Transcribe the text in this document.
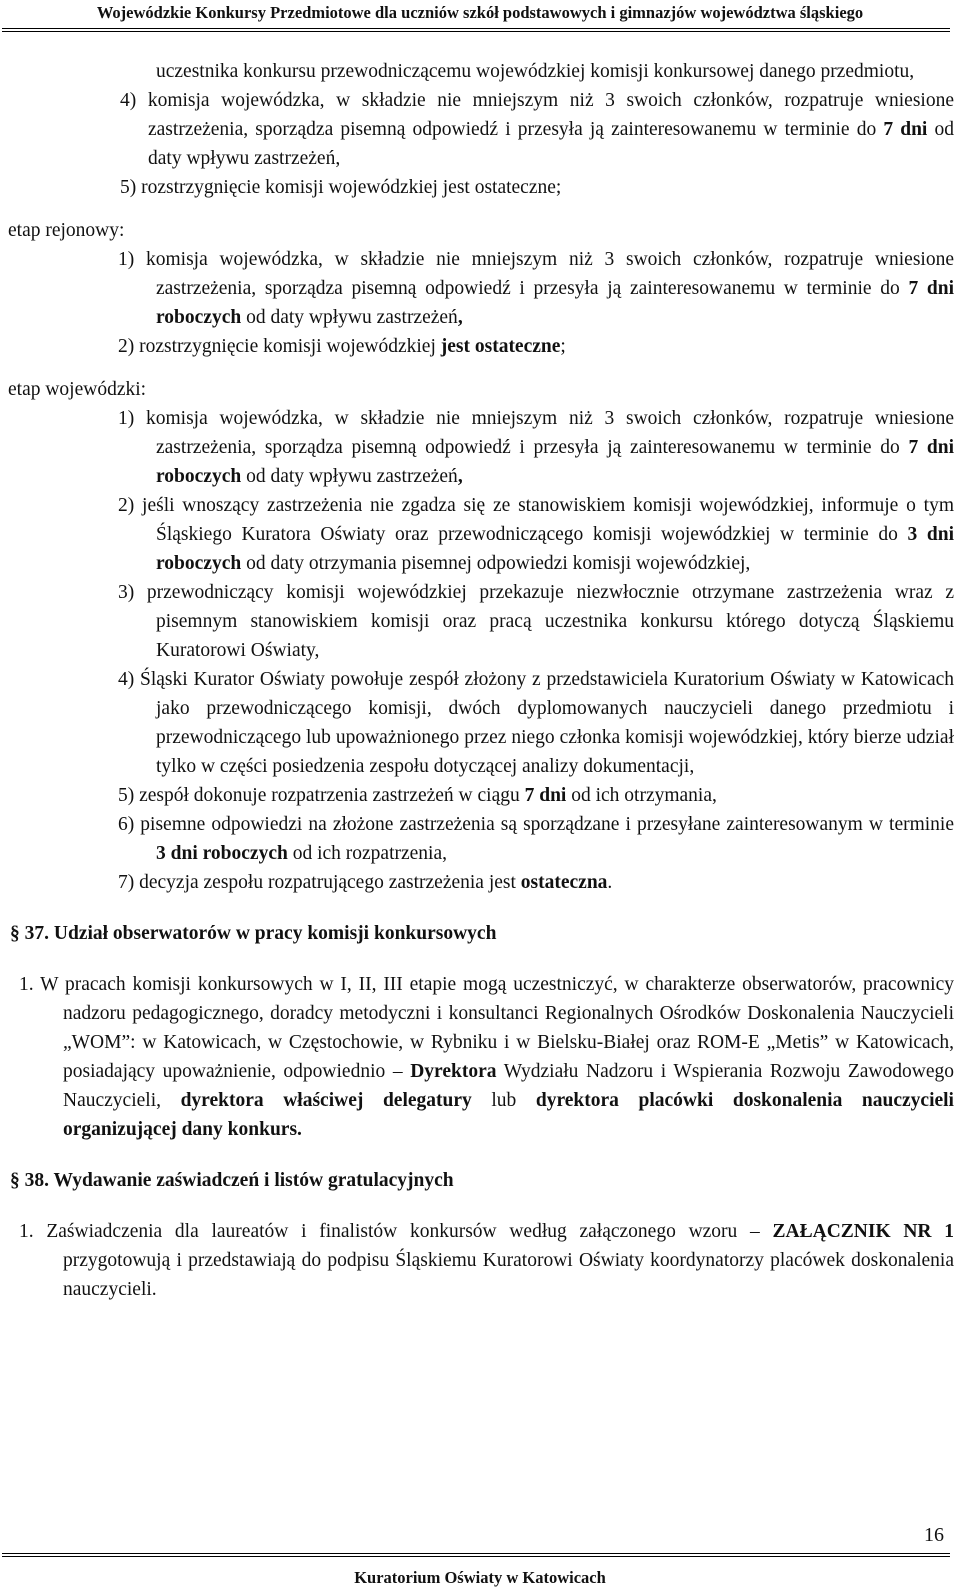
Wojewódzkie Konkursy Przedmiotowe dla uczniów szkół podstawowych i gimnazjów województwa śląskiego

uczestnika konkursu przewodniczącemu wojewódzkiej komisji konkursowej danego przedmiotu,

4) komisja wojewódzka, w składzie nie mniejszym niż 3 swoich członków, rozpatruje wniesione zastrzeżenia, sporządza pisemną odpowiedź i przesyła ją zainteresowanemu w terminie do 7 dni od daty wpływu zastrzeżeń,

5) rozstrzygnięcie komisji wojewódzkiej jest ostateczne;

etap rejonowy:

1) komisja wojewódzka, w składzie nie mniejszym niż 3 swoich członków, rozpatruje wniesione zastrzeżenia, sporządza pisemną odpowiedź i przesyła ją zainteresowanemu w terminie do 7 dni roboczych od daty wpływu zastrzeżeń,

2) rozstrzygnięcie komisji wojewódzkiej jest ostateczne;

etap wojewódzki:

1) komisja wojewódzka, w składzie nie mniejszym niż 3 swoich członków, rozpatruje wniesione zastrzeżenia, sporządza pisemną odpowiedź i przesyła ją zainteresowanemu w terminie do 7 dni roboczych od daty wpływu zastrzeżeń,

2) jeśli wnoszący zastrzeżenia nie zgadza się ze stanowiskiem komisji wojewódzkiej, informuje o tym Śląskiego Kuratora Oświaty oraz przewodniczącego komisji wojewódzkiej w terminie do 3 dni roboczych od daty otrzymania pisemnej odpowiedzi komisji wojewódzkiej,

3) przewodniczący komisji wojewódzkiej przekazuje niezwłocznie otrzymane zastrzeżenia wraz z pisemnym stanowiskiem komisji oraz pracą uczestnika konkursu którego dotyczą Śląskiemu Kuratorowi Oświaty,

4) Śląski Kurator Oświaty powołuje zespół złożony z przedstawiciela Kuratorium Oświaty w Katowicach jako przewodniczącego komisji, dwóch dyplomowanych nauczycieli danego przedmiotu i przewodniczącego lub upoważnionego przez niego członka komisji wojewódzkiej, który bierze udział tylko w części posiedzenia zespołu dotyczącej analizy dokumentacji,

5) zespół dokonuje rozpatrzenia zastrzeżeń w ciągu 7 dni od ich otrzymania,

6) pisemne odpowiedzi na złożone zastrzeżenia są sporządzane i przesyłane zainteresowanym w terminie 3 dni roboczych od ich rozpatrzenia,

7) decyzja zespołu rozpatrującego zastrzeżenia jest ostateczna.

§ 37. Udział obserwatorów w pracy komisji konkursowych

1. W pracach komisji konkursowych w I, II, III etapie mogą uczestniczyć, w charakterze obserwatorów, pracownicy nadzoru pedagogicznego, doradcy metodyczni i konsultanci Regionalnych Ośrodków Doskonalenia Nauczycieli „WOM”: w Katowicach, w Częstochowie, w Rybniku i w Bielsku-Białej oraz ROM-E „Metis” w Katowicach, posiadający upoważnienie, odpowiednio – Dyrektora Wydziału Nadzoru i Wspierania Rozwoju Zawodowego Nauczycieli, dyrektora właściwej delegatury lub dyrektora placówki doskonalenia nauczycieli organizującej dany konkurs.

§ 38. Wydawanie zaświadczeń i listów gratulacyjnych

1. Zaświadczenia dla laureatów i finalistów konkursów według załączonego wzoru – ZAŁĄCZNIK NR 1 przygotowują i przedstawiają do podpisu Śląskiemu Kuratorowi Oświaty koordynatorzy placówek doskonalenia nauczycieli.

16
Kuratorium Oświaty w Katowicach
